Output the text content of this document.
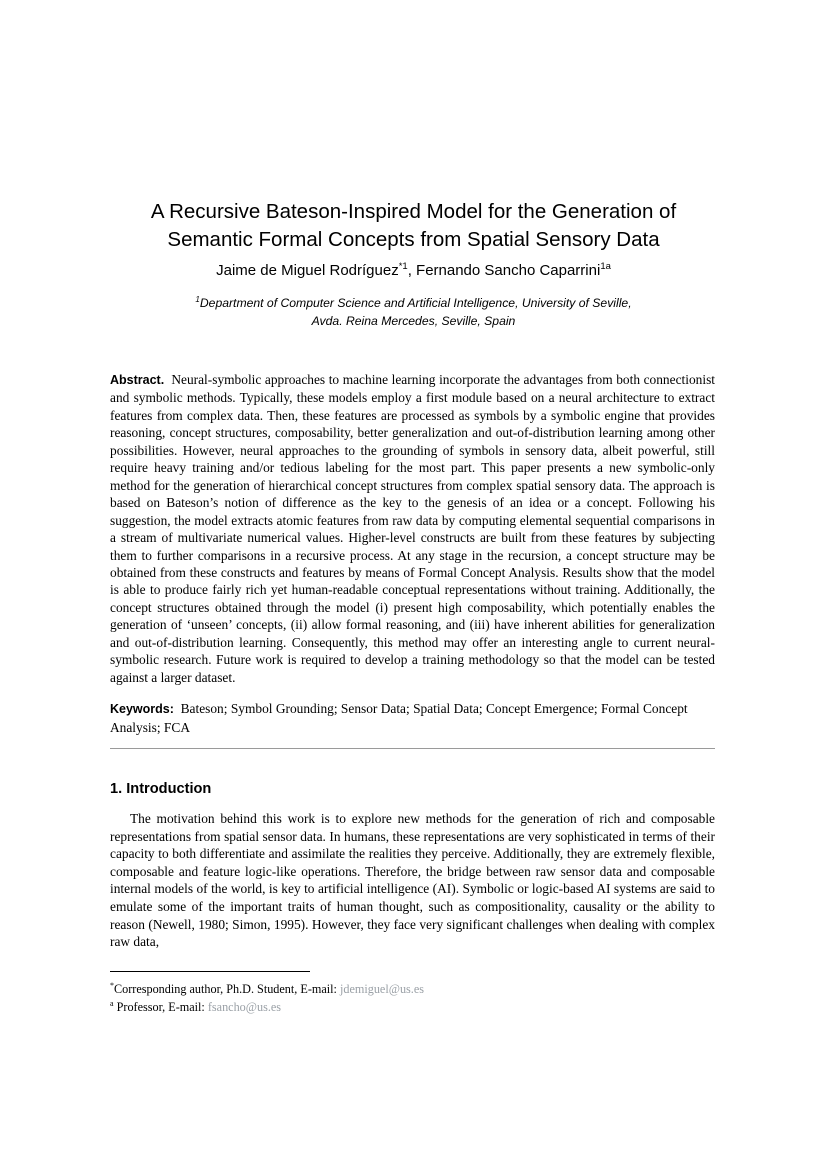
A Recursive Bateson-Inspired Model for the Generation of
Semantic Formal Concepts from Spatial Sensory Data
Jaime de Miguel Rodríguez$^{*1}$, Fernando Sancho Caparrini$^{1a}$
$^1$Department of Computer Science and Artificial Intelligence, University of Seville,
Avda. Reina Mercedes, Seville, Spain

Abstract. Neural-symbolic approaches to machine learning incorporate the advantages from both connectionist and symbolic methods. Typically, these models employ a first module based on a neural architecture to extract features from complex data. Then, these features are processed as symbols by a symbolic engine that provides reasoning, concept structures, composability, better generalization and out-of-distribution learning among other possibilities. However, neural approaches to the grounding of symbols in sensory data, albeit powerful, still require heavy training and/or tedious labeling for the most part. This paper presents a new symbolic-only method for the generation of hierarchical concept structures from complex spatial sensory data. The approach is based on Bateson’s notion of difference as the key to the genesis of an idea or a concept. Following his suggestion, the model extracts atomic features from raw data by computing elemental sequential comparisons in a stream of multivariate numerical values. Higher-level constructs are built from these features by subjecting them to further comparisons in a recursive process. At any stage in the recursion, a concept structure may be obtained from these constructs and features by means of Formal Concept Analysis. Results show that the model is able to produce fairly rich yet human-readable conceptual representations without training. Additionally, the concept structures obtained through the model (i) present high composability, which potentially enables the generation of ‘unseen’ concepts, (ii) allow formal reasoning, and (iii) have inherent abilities for generalization and out-of-distribution learning. Consequently, this method may offer an interesting angle to current neural-symbolic research. Future work is required to develop a training methodology so that the model can be tested against a larger dataset.

Keywords: Bateson; Symbol Grounding; Sensor Data; Spatial Data; Concept Emergence; Formal Concept Analysis; FCA

1. Introduction

The motivation behind this work is to explore new methods for the generation of rich and composable representations from spatial sensor data. In humans, these representations are very sophisticated in terms of their capacity to both differentiate and assimilate the realities they perceive. Additionally, they are extremely flexible, composable and feature logic-like operations. Therefore, the bridge between raw sensor data and composable internal models of the world, is key to artificial intelligence (AI). Symbolic or logic-based AI systems are said to emulate some of the important traits of human thought, such as compositionality, causality or the ability to reason (Newell, 1980; Simon, 1995). However, they face very significant challenges when dealing with complex raw data,

*Corresponding author, Ph.D. Student, E-mail: jdemiguel@us.es
$^a$ Professor, E-mail: fsancho@us.es
